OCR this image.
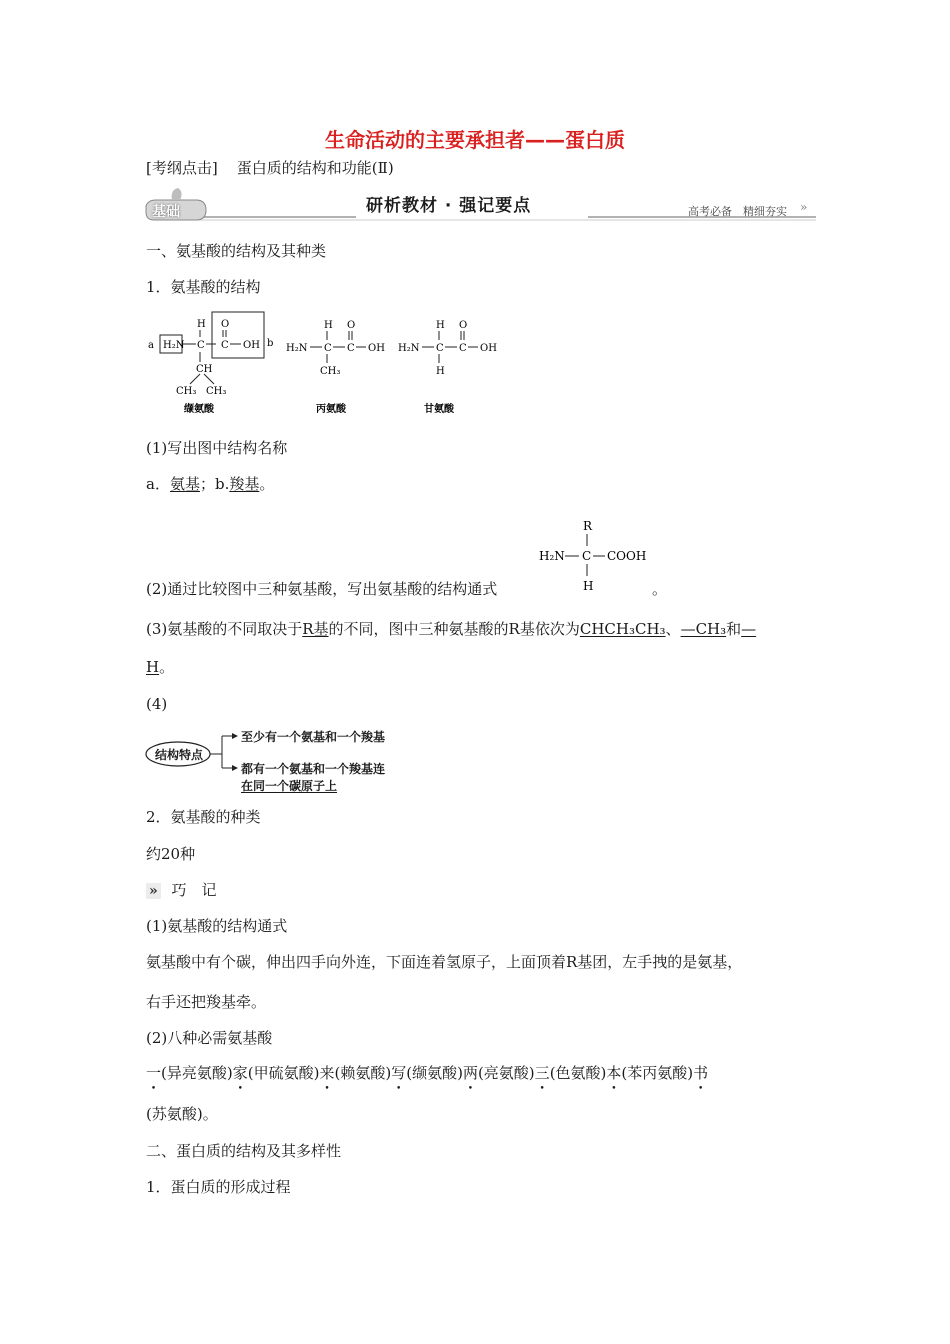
生命活动的主要承担者——蛋白质
[考纲点击] 蛋白质的结构和功能(Ⅱ)
基础	研析教材 · 强记要点	高考必备　精细夯实 »
一、氨基酸的结构及其种类
1．氨基酸的结构
a H₂N C
H
C
O
OH b
CH
CH₃ CH₃
缬氨酸
H₂N C
H
C
O
OH
CH₃
丙氨酸
H₂N C
H
C
O
OH
H
甘氨酸
(1)写出图中结构名称
a．氨基；b.羧基。
R
H₂N C COOH
H
(2)通过比较图中三种氨基酸，写出氨基酸的结构通式	。
(3)氨基酸的不同取决于R基的不同，图中三种氨基酸的R基依次为CHCH₃CH₃、—CH₃和—
H。
(4)
结构特点
至少有一个氨基和一个羧基
都有一个氨基和一个羧基连
在同一个碳原子上
2．氨基酸的种类
约20种
» 巧　记
(1)氨基酸的结构通式
氨基酸中有个碳，伸出四手向外连，下面连着氢原子，上面顶着R基团，左手拽的是氨基，
右手还把羧基牵。
(2)八种必需氨基酸
一(异亮氨酸)家(甲硫氨酸)来(赖氨酸)写(缬氨酸)两(亮氨酸)三(色氨酸)本(苯丙氨酸)书
(苏氨酸)。
二、蛋白质的结构及其多样性
1．蛋白质的形成过程
